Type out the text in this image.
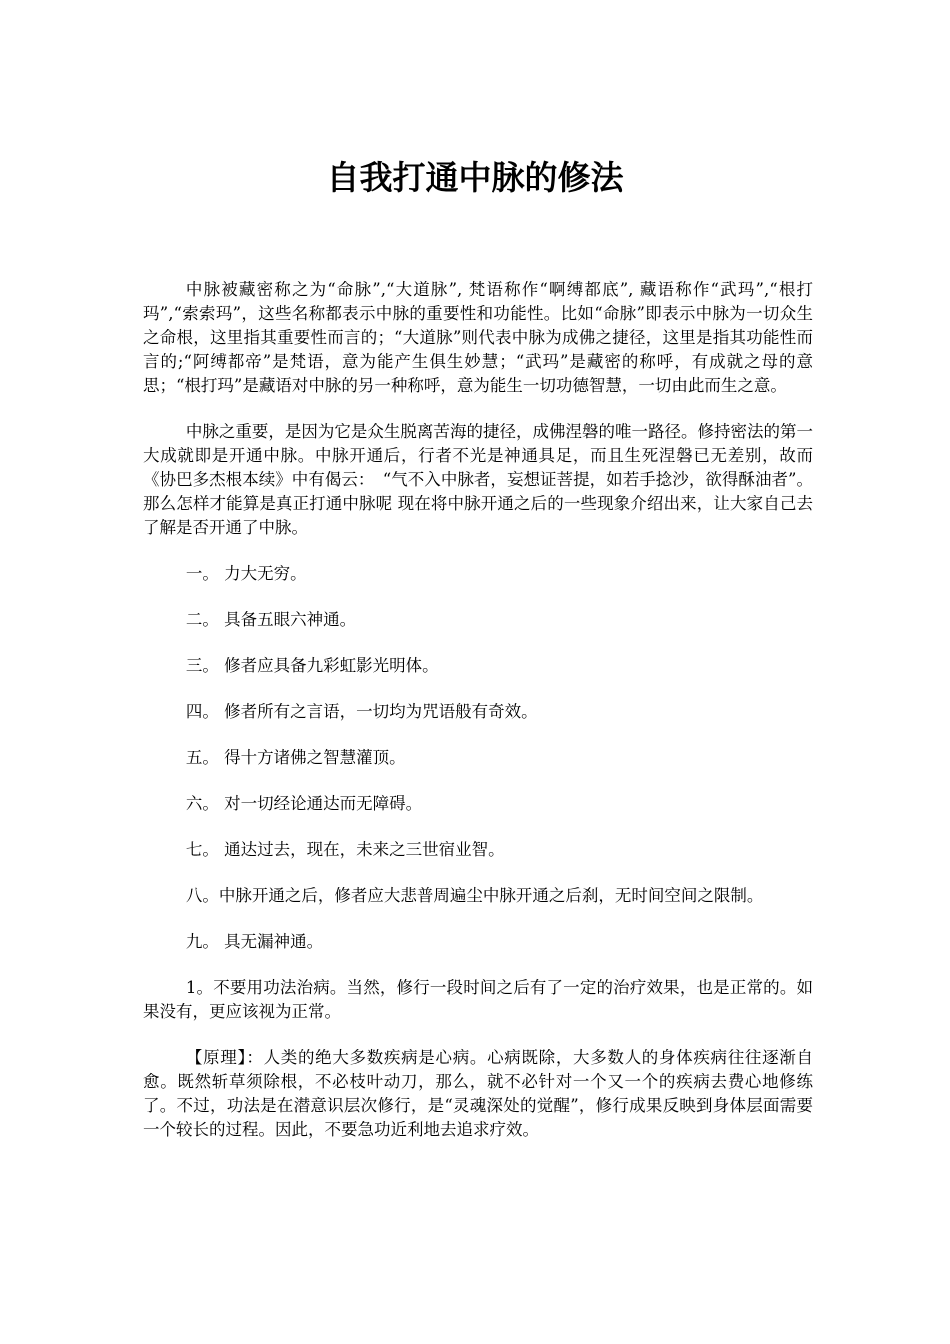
自我打通中脉的修法

中脉被藏密称之为“命脉”,“大道脉”, 梵语称作“啊缚都底”, 藏语称作“武玛”,“根打玛”,“索索玛”，这些名称都表示中脉的重要性和功能性。比如“命脉”即表示中脉为一切众生之命根，这里指其重要性而言的；“大道脉”则代表中脉为成佛之捷径，这里是指其功能性而言的;“阿缚都帝”是梵语，意为能产生俱生妙慧；“武玛”是藏密的称呼，有成就之母的意思；“根打玛”是藏语对中脉的另一种称呼，意为能生一切功德智慧，一切由此而生之意。

中脉之重要，是因为它是众生脱离苦海的捷径，成佛涅磐的唯一路径。修持密法的第一大成就即是开通中脉。中脉开通后，行者不光是神通具足，而且生死涅磐已无差别，故而《协巴多杰根本续》中有偈云：　“气不入中脉者，妄想证菩提，如若手捻沙，欲得酥油者”。那么怎样才能算是真正打通中脉呢 现在将中脉开通之后的一些现象介绍出来，让大家自己去了解是否开通了中脉。

一。 力大无穷。

二。 具备五眼六神通。

三。 修者应具备九彩虹影光明体。

四。 修者所有之言语，一切均为咒语般有奇效。

五。 得十方诸佛之智慧灌顶。

六。 对一切经论通达而无障碍。

七。 通达过去，现在，未来之三世宿业智。

八。中脉开通之后，修者应大悲普周遍尘中脉开通之后刹，无时间空间之限制。

九。 具无漏神通。

1。不要用功法治病。当然，修行一段时间之后有了一定的治疗效果，也是正常的。如果没有，更应该视为正常。

【原理】：人类的绝大多数疾病是心病。心病既除，大多数人的身体疾病往往逐渐自愈。既然斩草须除根，不必枝叶动刀，那么，就不必针对一个又一个的疾病去费心地修练了。不过，功法是在潜意识层次修行，是“灵魂深处的觉醒”，修行成果反映到身体层面需要一个较长的过程。因此，不要急功近利地去追求疗效。
